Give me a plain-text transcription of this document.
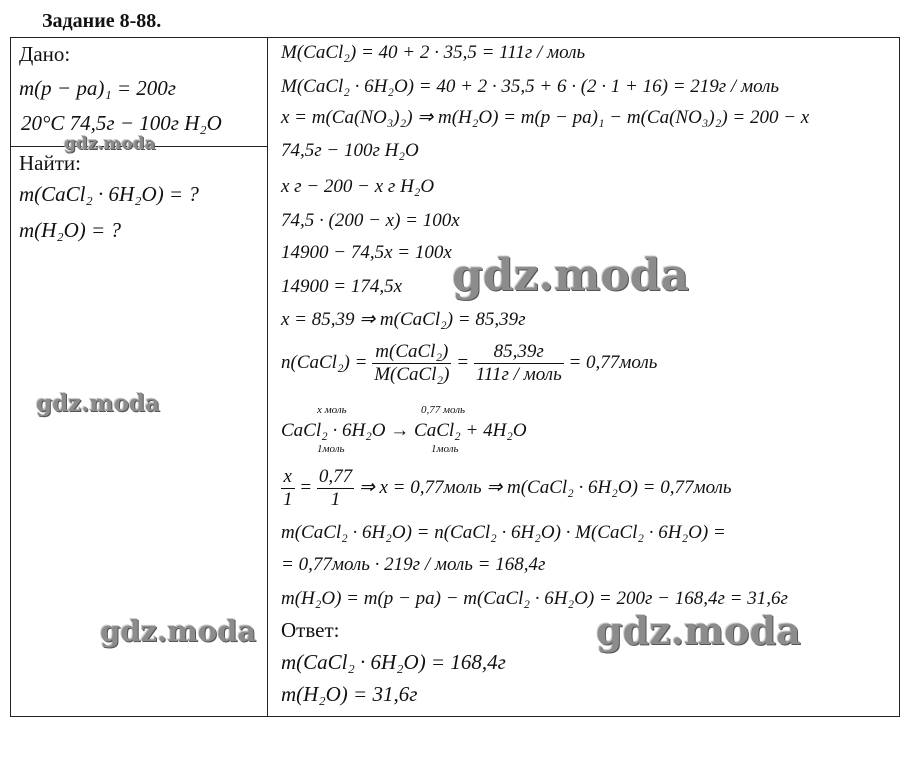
Задание 8-88.
Дано:
m(p − pa)₁ = 200г
20°C 74,5г − 100г H₂O
Найти:
m(CaCl₂ · 6H₂O) = ?
m(H₂O) = ?
M(CaCl₂) = 40 + 2 · 35,5 = 111г / моль
M(CaCl₂ · 6H₂O) = 40 + 2 · 35,5 + 6 · (2 · 1 + 16) = 219г / моль
x = m(Ca(NO₃)₂) ⇒ m(H₂O) = m(p − pa)₁ − m(Ca(NO₃)₂) = 200 − x
74,5г − 100г H₂O
x г − 200 − x г H₂O
74,5 · (200 − x) = 100x
14900 − 74,5x = 100x
14900 = 174,5x
x = 85,39 ⇒ m(CaCl₂) = 85,39г
n(CaCl₂) = $\frac{\text{m(CaCl₂)}}{\text{M(CaCl₂)}} = \frac{85,39г}{\text{111г / моль}}$ = 0,77моль
x моль	0,77 моль
CaCl₂ · 6H₂O → CaCl₂ + 4H₂O
1моль	1моль
$\frac{x}{1} = \frac{0,77}{1}$ ⇒ x = 0,77моль ⇒ m(CaCl₂ · 6H₂O) = 0,77моль
m(CaCl₂ · 6H₂O) = n(CaCl₂ · 6H₂O) · M(CaCl₂ · 6H₂O) =
= 0,77моль · 219г / моль = 168,4г
m(H₂O) = m(p − pa) − m(CaCl₂ · 6H₂O) = 200г − 168,4г = 31,6г
Ответ:
m(CaCl₂ · 6H₂O) = 168,4г
m(H₂O) = 31,6г
gdz.moda
gdz.moda
gdz.moda
gdz.moda	gdz.moda
